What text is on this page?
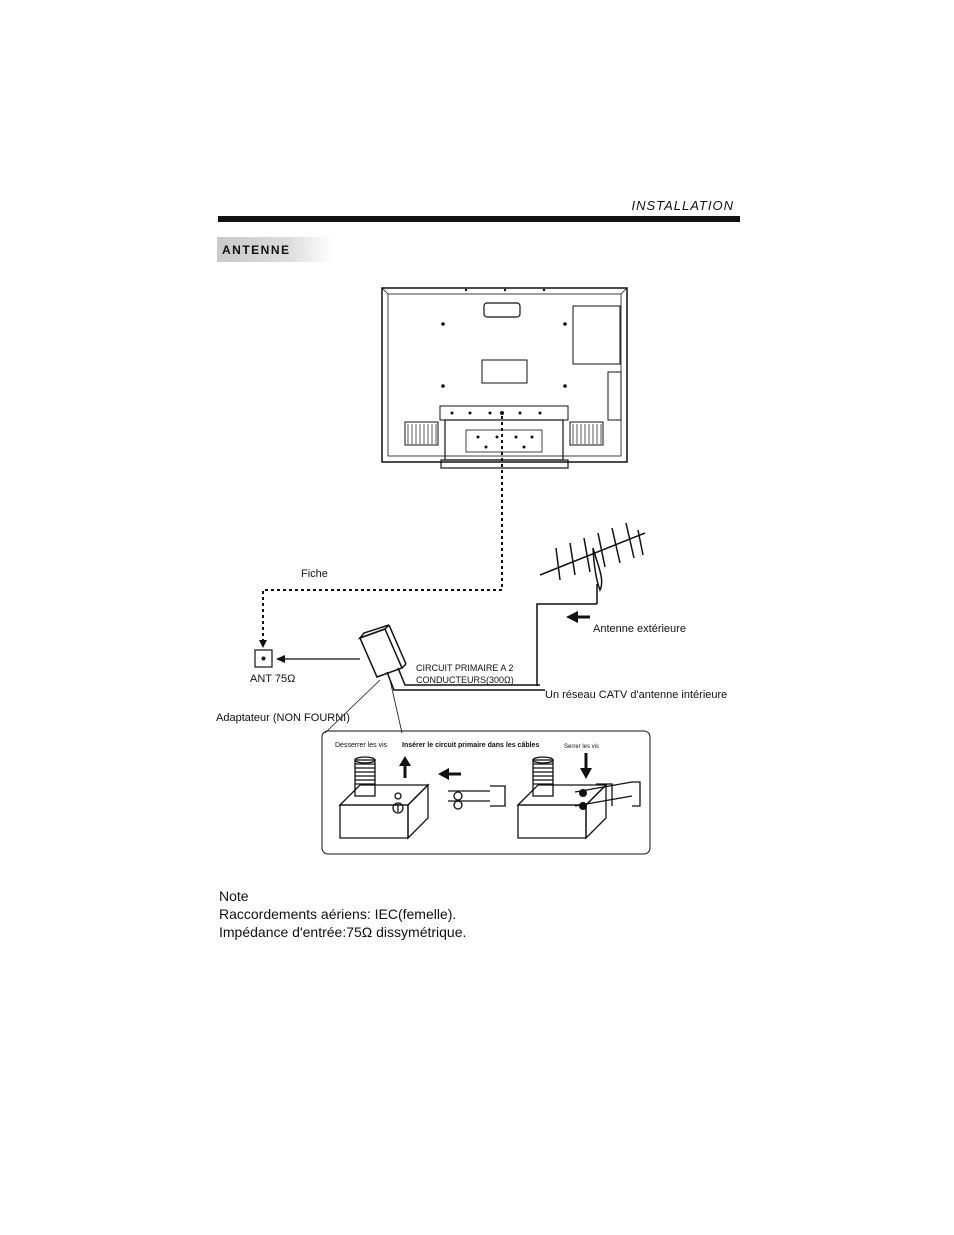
INSTALLATION
ANTENNE
Fiche
ANT 75Ω
Adaptateur (NON FOURNI)
CIRCUIT PRIMAIRE A 2
CONDUCTEURS(300Ω)
Antenne extérieure
Un réseau CATV d'antenne intérieure
Desserrer les vis Insérer le circuit primaire dans les câbles	Serrer les vis
Note
Raccordements aériens: IEC(femelle).
Impédance d'entrée:75Ω dissymétrique.
